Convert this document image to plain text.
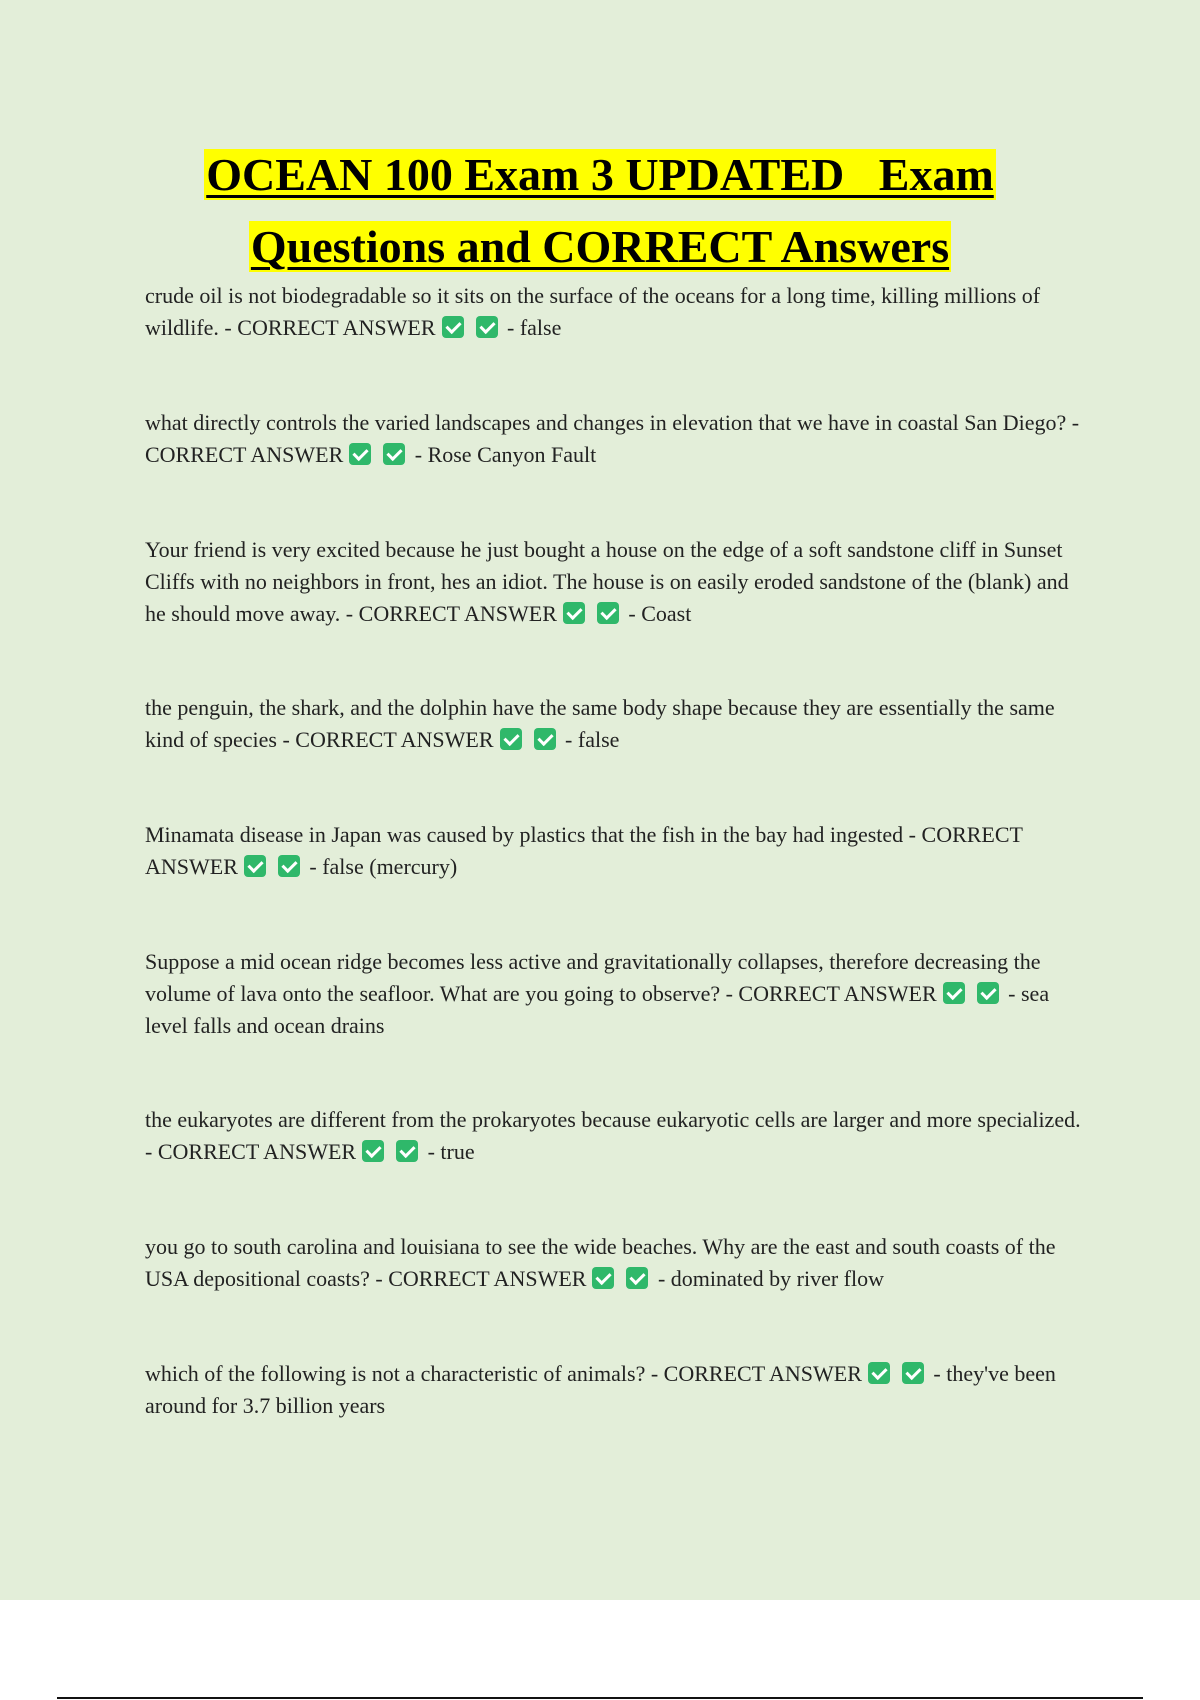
OCEAN 100 Exam 3 UPDATED   Exam
Questions and CORRECT Answers

crude oil is not biodegradable so it sits on the surface of the oceans for a long time, killing millions of wildlife. - CORRECT ANSWER	- false

what directly controls the varied landscapes and changes in elevation that we have in coastal San Diego? - CORRECT ANSWER	- Rose Canyon Fault

Your friend is very excited because he just bought a house on the edge of a soft sandstone cliff in Sunset Cliffs with no neighbors in front, hes an idiot. The house is on easily eroded sandstone of the (blank) and he should move away. - CORRECT ANSWER	- Coast

the penguin, the shark, and the dolphin have the same body shape because they are essentially the same kind of species - CORRECT ANSWER	- false

Minamata disease in Japan was caused by plastics that the fish in the bay had ingested - CORRECT ANSWER	- false (mercury)

Suppose a mid ocean ridge becomes less active and gravitationally collapses, therefore decreasing the volume of lava onto the seafloor. What are you going to observe? - CORRECT ANSWER	- sea level falls and ocean drains

the eukaryotes are different from the prokaryotes because eukaryotic cells are larger and more specialized. - CORRECT ANSWER	- true

you go to south carolina and louisiana to see the wide beaches. Why are the east and south coasts of the USA depositional coasts? - CORRECT ANSWER	- dominated by river flow

which of the following is not a characteristic of animals? - CORRECT ANSWER	- they've been around for 3.7 billion years
